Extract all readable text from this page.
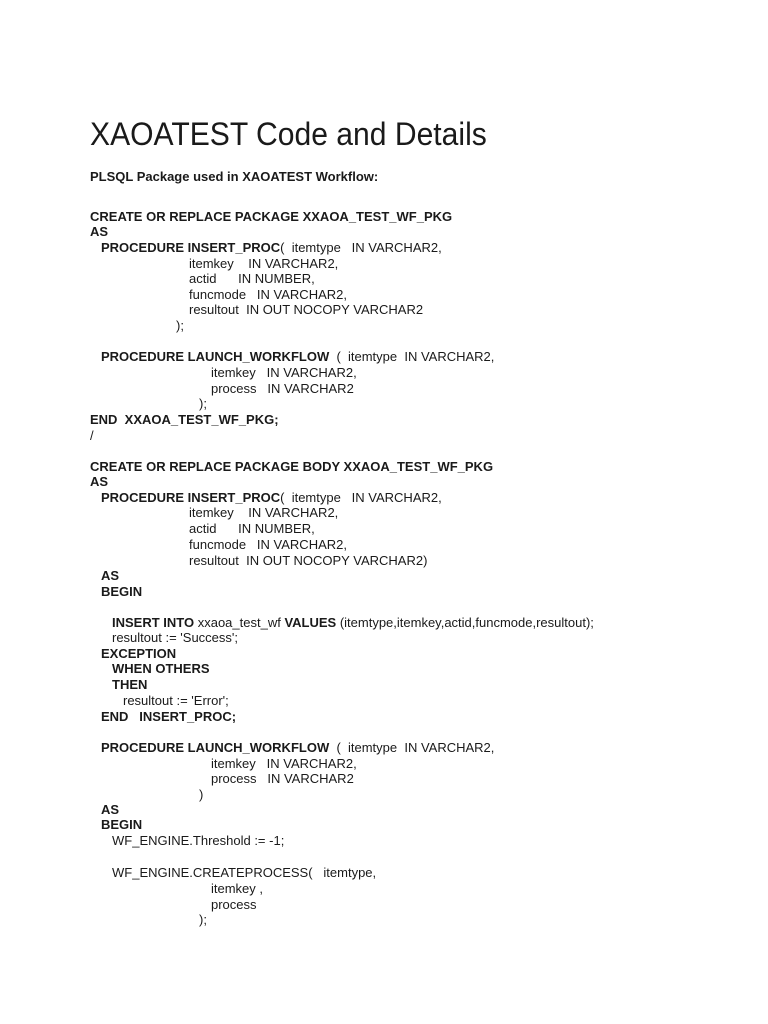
XAOATEST Code and Details

PLSQL Package used in XAOATEST Workflow:

CREATE OR REPLACE PACKAGE XXAOA_TEST_WF_PKG
AS
PROCEDURE INSERT_PROC(  itemtype   IN VARCHAR2,
itemkey    IN VARCHAR2,
actid      IN NUMBER,
funcmode   IN VARCHAR2,
resultout  IN OUT NOCOPY VARCHAR2
);
PROCEDURE LAUNCH_WORKFLOW  (  itemtype  IN VARCHAR2,
itemkey   IN VARCHAR2,
process   IN VARCHAR2
);
END  XXAOA_TEST_WF_PKG;
/
CREATE OR REPLACE PACKAGE BODY XXAOA_TEST_WF_PKG
AS
PROCEDURE INSERT_PROC(  itemtype   IN VARCHAR2,
itemkey    IN VARCHAR2,
actid      IN NUMBER,
funcmode   IN VARCHAR2,
resultout  IN OUT NOCOPY VARCHAR2)
AS
BEGIN
INSERT INTO xxaoa_test_wf VALUES (itemtype,itemkey,actid,funcmode,resultout);
resultout := 'Success';
EXCEPTION
WHEN OTHERS
THEN
resultout := 'Error';
END   INSERT_PROC;
PROCEDURE LAUNCH_WORKFLOW  (  itemtype  IN VARCHAR2,
itemkey   IN VARCHAR2,
process   IN VARCHAR2
)
AS
BEGIN
WF_ENGINE.Threshold := -1;
WF_ENGINE.CREATEPROCESS(   itemtype,
itemkey ,
process
);
